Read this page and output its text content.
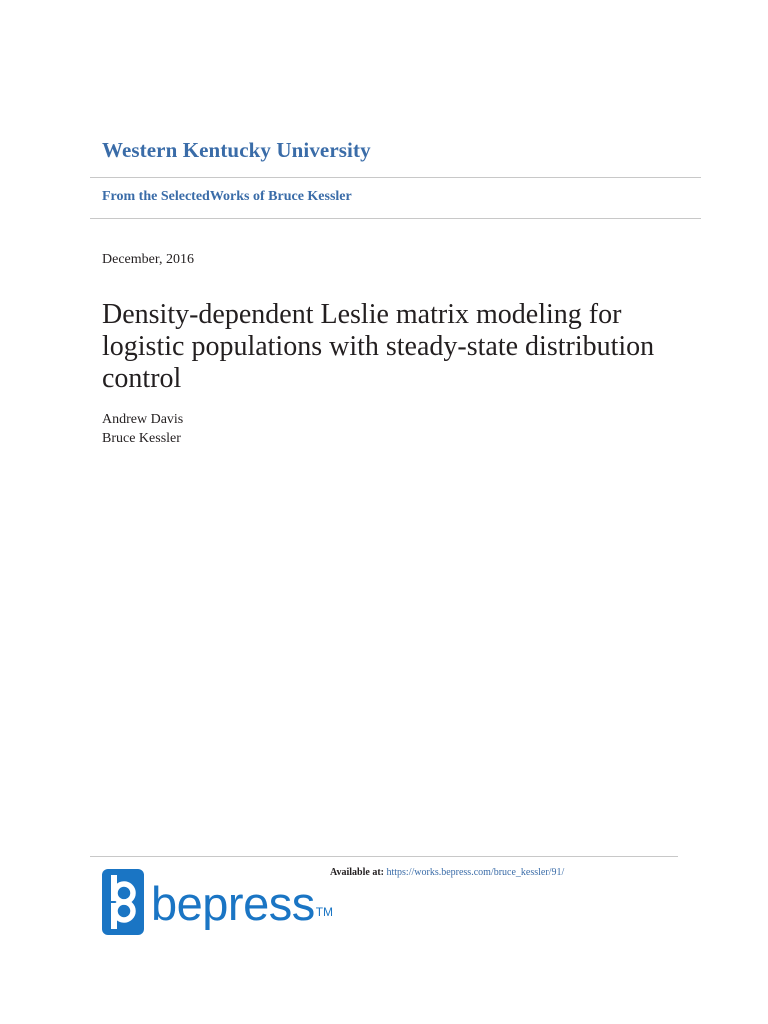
Western Kentucky University
From the SelectedWorks of Bruce Kessler
December, 2016
Density-dependent Leslie matrix modeling for logistic populations with steady-state distribution control
Andrew Davis
Bruce Kessler
bepress™
Available at: https://works.bepress.com/bruce_kessler/91/
